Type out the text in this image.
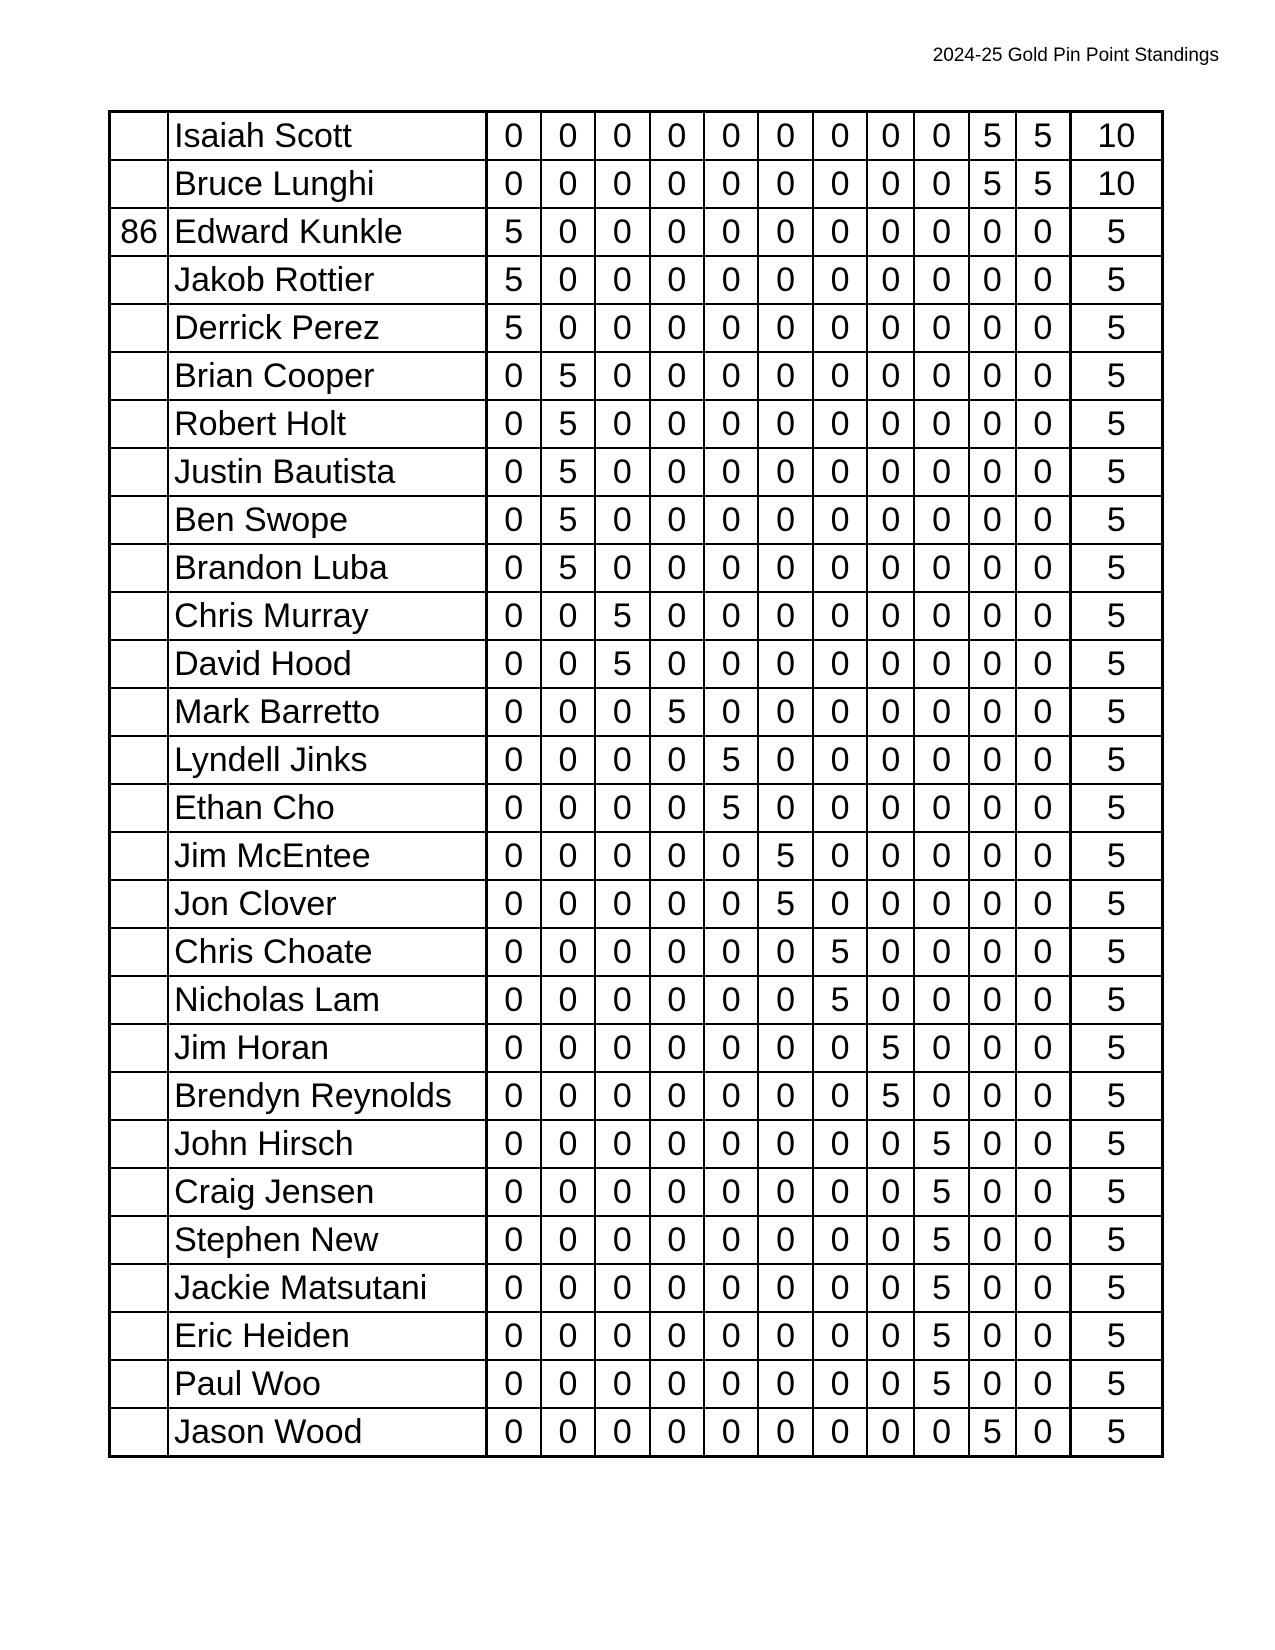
2024-25 Gold Pin Point Standings
	Isaiah Scott	0	0	0	0	0	0	0	0	0	5	5	10
	Bruce Lunghi	0	0	0	0	0	0	0	0	0	5	5	10
86	Edward Kunkle	5	0	0	0	0	0	0	0	0	0	0	5
	Jakob Rottier	5	0	0	0	0	0	0	0	0	0	0	5
	Derrick Perez	5	0	0	0	0	0	0	0	0	0	0	5
	Brian Cooper	0	5	0	0	0	0	0	0	0	0	0	5
	Robert Holt	0	5	0	0	0	0	0	0	0	0	0	5
	Justin Bautista	0	5	0	0	0	0	0	0	0	0	0	5
	Ben Swope	0	5	0	0	0	0	0	0	0	0	0	5
	Brandon Luba	0	5	0	0	0	0	0	0	0	0	0	5
	Chris Murray	0	0	5	0	0	0	0	0	0	0	0	5
	David Hood	0	0	5	0	0	0	0	0	0	0	0	5
	Mark Barretto	0	0	0	5	0	0	0	0	0	0	0	5
	Lyndell Jinks	0	0	0	0	5	0	0	0	0	0	0	5
	Ethan Cho	0	0	0	0	5	0	0	0	0	0	0	5
	Jim McEntee	0	0	0	0	0	5	0	0	0	0	0	5
	Jon Clover	0	0	0	0	0	5	0	0	0	0	0	5
	Chris Choate	0	0	0	0	0	0	5	0	0	0	0	5
	Nicholas Lam	0	0	0	0	0	0	5	0	0	0	0	5
	Jim Horan	0	0	0	0	0	0	0	5	0	0	0	5
	Brendyn Reynolds	0	0	0	0	0	0	0	5	0	0	0	5
	John Hirsch	0	0	0	0	0	0	0	0	5	0	0	5
	Craig Jensen	0	0	0	0	0	0	0	0	5	0	0	5
	Stephen New	0	0	0	0	0	0	0	0	5	0	0	5
	Jackie Matsutani	0	0	0	0	0	0	0	0	5	0	0	5
	Eric Heiden	0	0	0	0	0	0	0	0	5	0	0	5
	Paul Woo	0	0	0	0	0	0	0	0	5	0	0	5
	Jason Wood	0	0	0	0	0	0	0	0	0	5	0	5
